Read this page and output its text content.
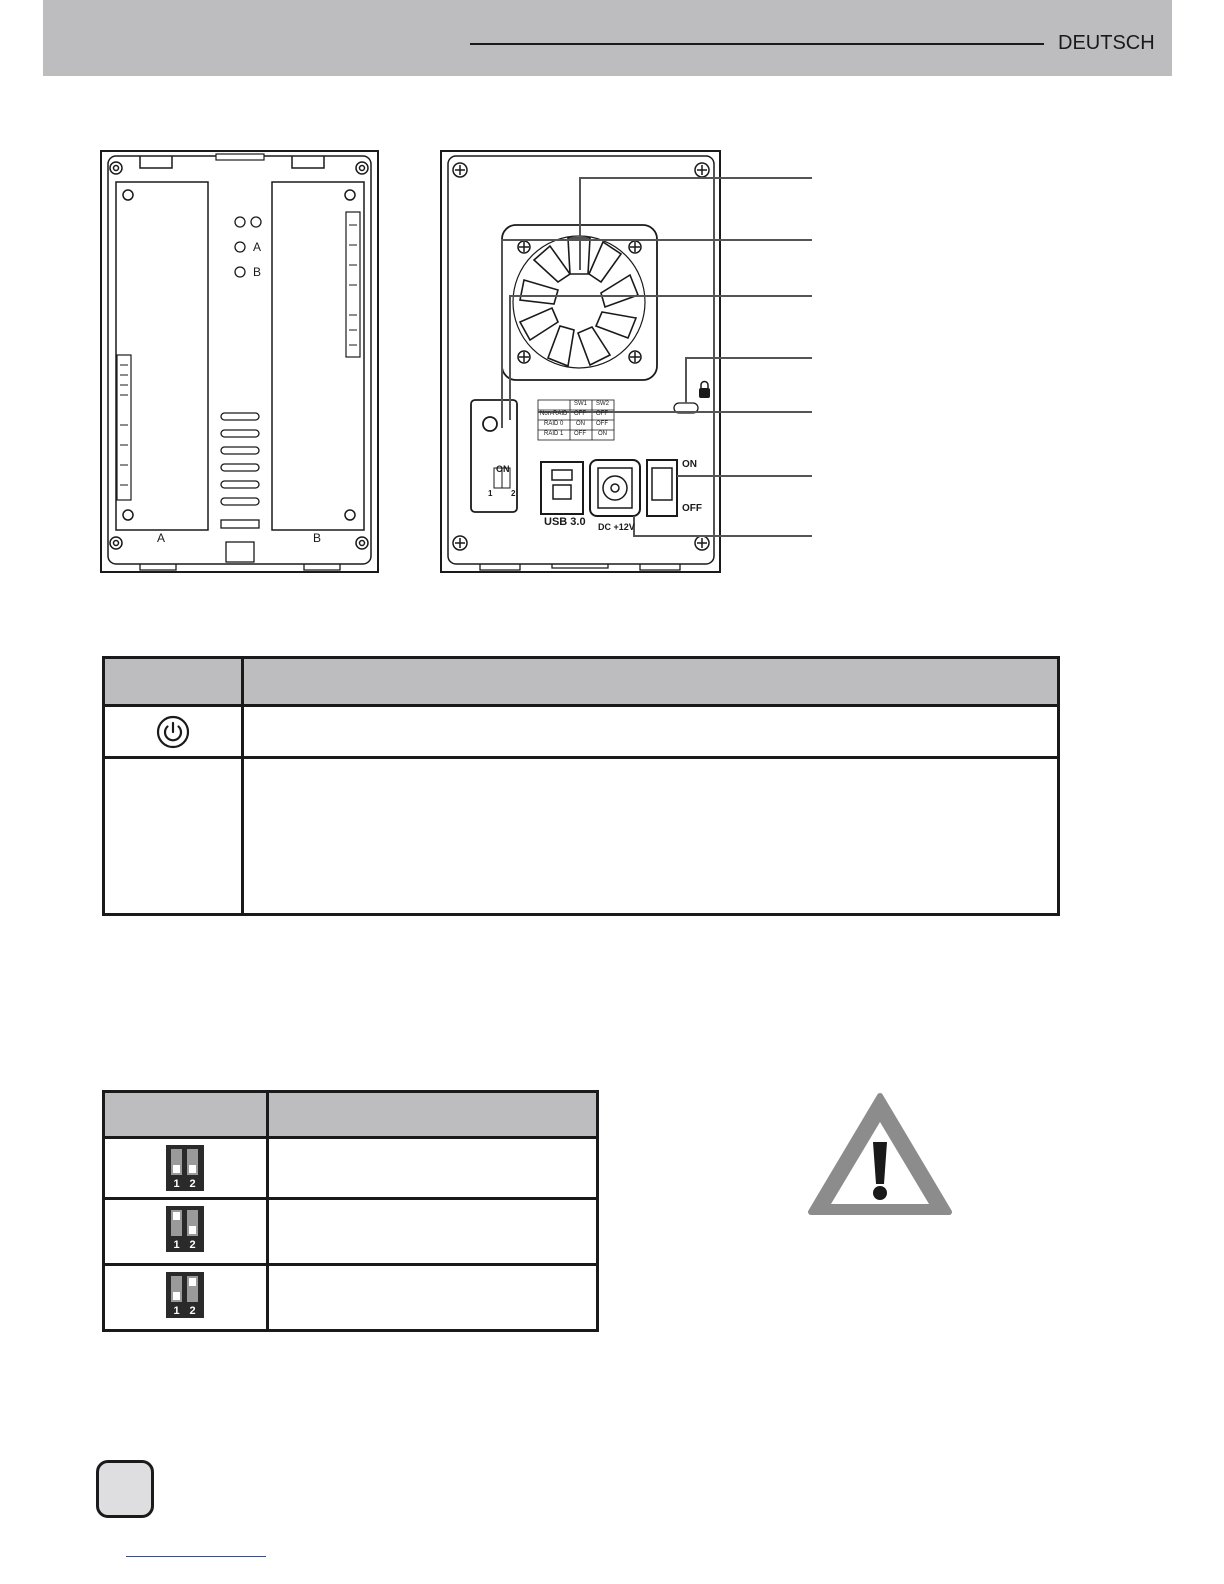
DEUTSCH
A
B
A	B
ON
OFF
USB 3.0 DC +12V
ON
1 2
SW1 SW2
Non-RAID OFF OFF
RAID 0 ON OFF
RAID 1 OFF ON
1 2
1 2
1 2
